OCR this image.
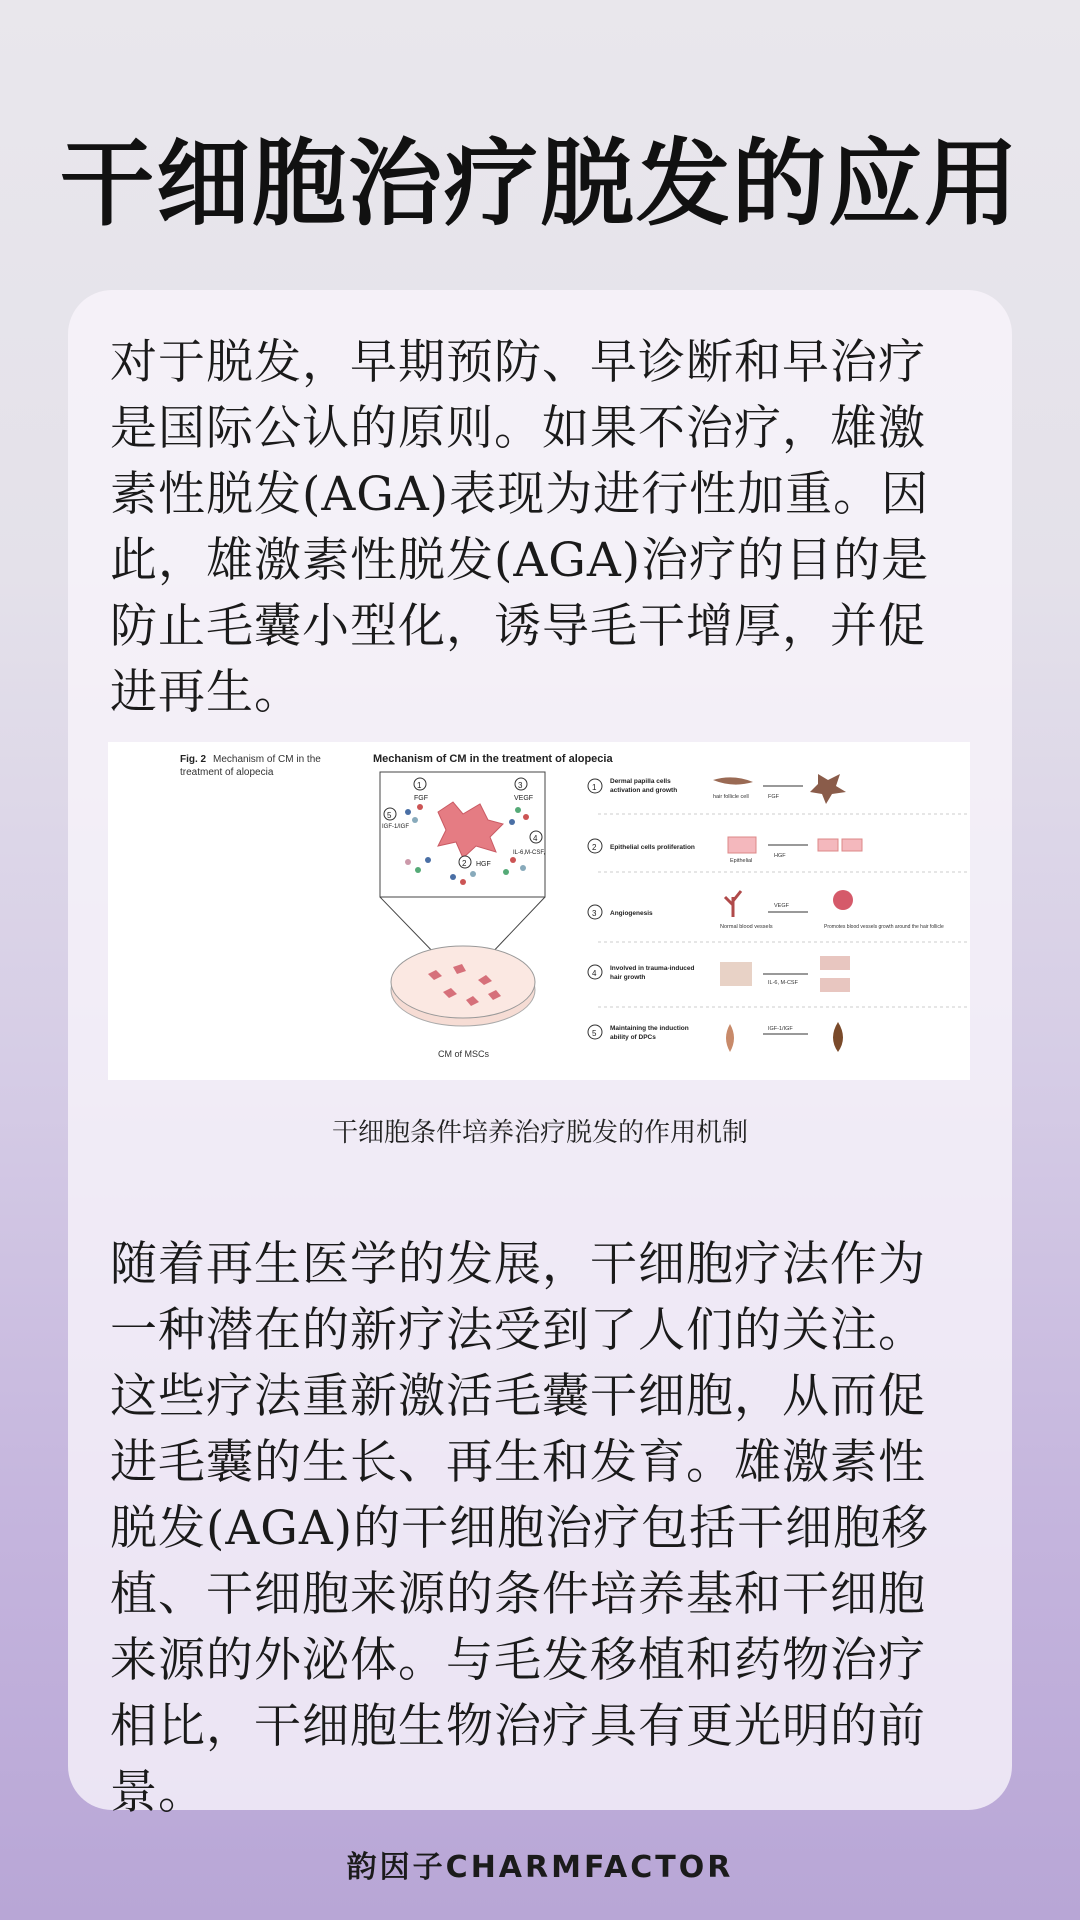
干细胞治疗脱发的应用

对于脱发，早期预防、早诊断和早治疗是国际公认的原则。如果不治疗，雄激素性脱发(AGA)表现为进行性加重。因此，雄激素性脱发(AGA)治疗的目的是防止毛囊小型化，诱导毛干增厚，并促进再生。

Fig. 2 Mechanism of CM in the
treatment of alopecia
Mechanism of CM in the treatment of alopecia
1
FGF
3
VEGF
5
IGF-1/IGF
4
IL-6,M-CSF,
2 HGF
CM of MSCs
1
Dermal papilla cells
activation and growth
hair follicle cell	FGF
2 Epithelial cells proliferation
Epithelial
HGF
3 Angiogenesis
Normal blood vessels
VEGF
Promotes blood vessels growth around the hair follicle
4
Involved in trauma-induced
hair growth
IL-6, M-CSF
5
Maintaining the induction
ability of DPCs
IGF-1/IGF
干细胞条件培养治疗脱发的作用机制

随着再生医学的发展，干细胞疗法作为一种潜在的新疗法受到了人们的关注。这些疗法重新激活毛囊干细胞，从而促进毛囊的生长、再生和发育。雄激素性脱发(AGA)的干细胞治疗包括干细胞移植、干细胞来源的条件培养基和干细胞来源的外泌体。与毛发移植和药物治疗相比，干细胞生物治疗具有更光明的前景。

韵因子CHARMFACTOR
